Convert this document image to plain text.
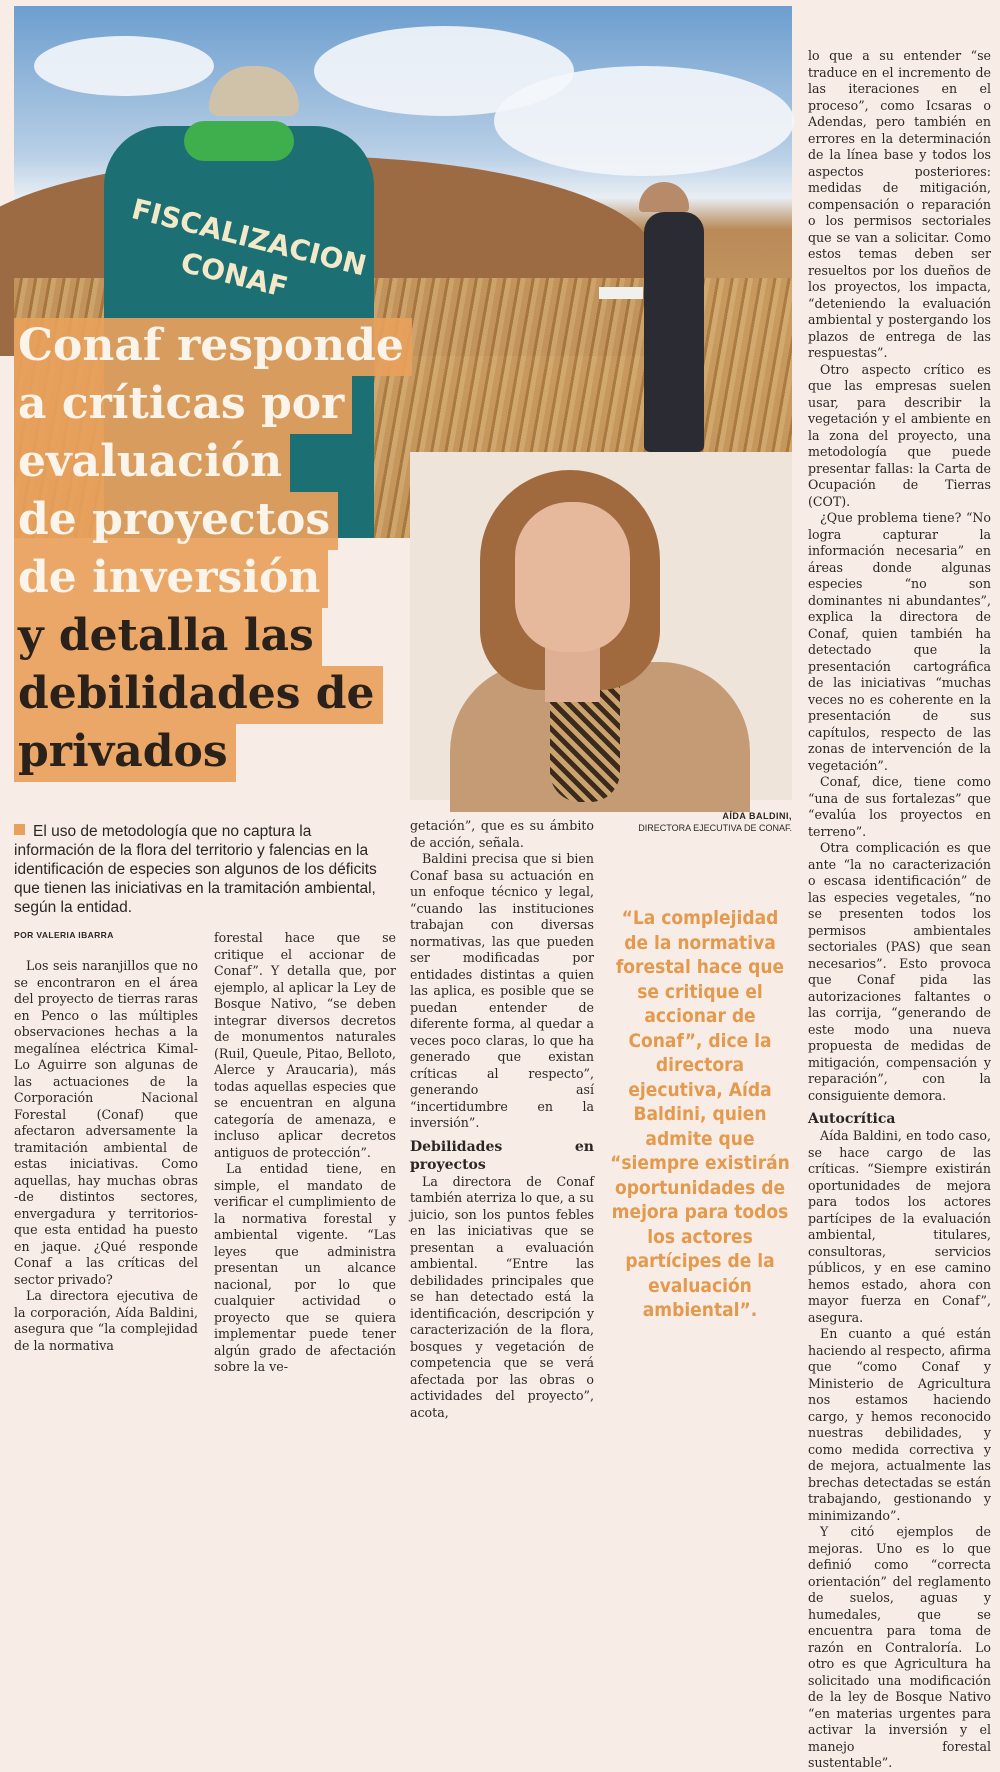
FISCALIZACION CONAF
Conaf responde
a críticas por
evaluación
de proyectos
de inversión
y detalla las
debilidades de
privados
AÍDA BALDINI,
DIRECTORA EJECUTIVA DE CONAF.
El uso de metodología que no captura la información de la flora del territorio y falencias en la identificación de especies son algunos de los déficits que tienen las iniciativas en la tramitación ambiental, según la entidad.
POR VALERIA IBARRA

Los seis naranjillos que no se encontraron en el área del proyecto de tierras raras en Penco o las múltiples observaciones hechas a la megalínea eléctrica Kimal-Lo Aguirre son algunas de las actuaciones de la Corporación Nacional Forestal (Conaf) que afectaron adversamente la tramitación ambiental de estas iniciativas. Como aquellas, hay muchas obras -de distintos sectores, envergadura y territorios- que esta entidad ha puesto en jaque. ¿Qué responde Conaf a las críticas del sector privado?

La directora ejecutiva de la corporación, Aída Baldini, asegura que “la complejidad de la normativa

forestal hace que se critique el accionar de Conaf”. Y detalla que, por ejemplo, al aplicar la Ley de Bosque Nativo, “se deben integrar diversos decretos de monumentos naturales (Ruil, Queule, Pitao, Belloto, Alerce y Araucaria), más todas aquellas especies que se encuentran en alguna categoría de amenaza, e incluso aplicar decretos antiguos de protección”.

La entidad tiene, en simple, el mandato de verificar el cumplimiento de la normativa forestal y ambiental vigente. “Las leyes que administra presentan un alcance nacional, por lo que cualquier actividad o proyecto que se quiera implementar puede tener algún grado de afectación sobre la ve-

getación”, que es su ámbito de acción, señala.

Baldini precisa que si bien Conaf basa su actuación en un enfoque técnico y legal, “cuando las instituciones trabajan con diversas normativas, las que pueden ser modificadas por entidades distintas a quien las aplica, es posible que se puedan entender de diferente forma, al quedar a veces poco claras, lo que ha generado que existan críticas al respecto”, generando así “incertidumbre en la inversión”.

Debilidades en proyectos

La directora de Conaf también aterriza lo que, a su juicio, son los puntos febles en las iniciativas que se presentan a evaluación ambiental. “Entre las debilidades principales que se han detectado está la identificación, descripción y caracterización de la flora, bosques y vegetación de competencia que se verá afectada por las obras o actividades del proyecto”, acota,

“La complejidad de la normativa forestal hace que se critique el accionar de Conaf”, dice la directora ejecutiva, Aída Baldini, quien admite que “siempre existirán oportunidades de mejora para todos los actores partícipes de la evaluación ambiental”.

lo que a su entender “se traduce en el incremento de las iteraciones en el proceso”, como Icsaras o Adendas, pero también en errores en la determinación de la línea base y todos los aspectos posteriores: medidas de mitigación, compensación o reparación o los permisos sectoriales que se van a solicitar. Como estos temas deben ser resueltos por los dueños de los proyectos, los impacta, “deteniendo la evaluación ambiental y postergando los plazos de entrega de las respuestas”.

Otro aspecto crítico es que las empresas suelen usar, para describir la vegetación y el ambiente en la zona del proyecto, una metodología que puede presentar fallas: la Carta de Ocupación de Tierras (COT).

¿Que problema tiene? “No logra capturar la información necesaria” en áreas donde algunas especies “no son dominantes ni abundantes”, explica la directora de Conaf, quien también ha detectado que la presentación cartográfica de las iniciativas “muchas veces no es coherente en la presentación de sus capítulos, respecto de las zonas de intervención de la vegetación”.

Conaf, dice, tiene como “una de sus fortalezas” que “evalúa los proyectos en terreno”.

Otra complicación es que ante “la no caracterización o escasa identificación” de las especies vegetales, “no se presenten todos los permisos ambientales sectoriales (PAS) que sean necesarios”. Esto provoca que Conaf pida las autorizaciones faltantes o las corrija, “generando de este modo una nueva propuesta de medidas de mitigación, compensación y reparación”, con la consiguiente demora.

Autocrítica

Aída Baldini, en todo caso, se hace cargo de las críticas. “Siempre existirán oportunidades de mejora para todos los actores partícipes de la evaluación ambiental, titulares, consultoras, servicios públicos, y en ese camino hemos estado, ahora con mayor fuerza en Conaf”, asegura.

En cuanto a qué están haciendo al respecto, afirma que “como Conaf y Ministerio de Agricultura nos estamos haciendo cargo, y hemos reconocido nuestras debilidades, y como medida correctiva y de mejora, actualmente las brechas detectadas se están trabajando, gestionando y minimizando”.

Y citó ejemplos de mejoras. Uno es lo que definió como “correcta orientación” del reglamento de suelos, aguas y humedales, que se encuentra para toma de razón en Contraloría. Lo otro es que Agricultura ha solicitado una modificación de la ley de Bosque Nativo “en materias urgentes para activar la inversión y el manejo forestal sustentable”.
